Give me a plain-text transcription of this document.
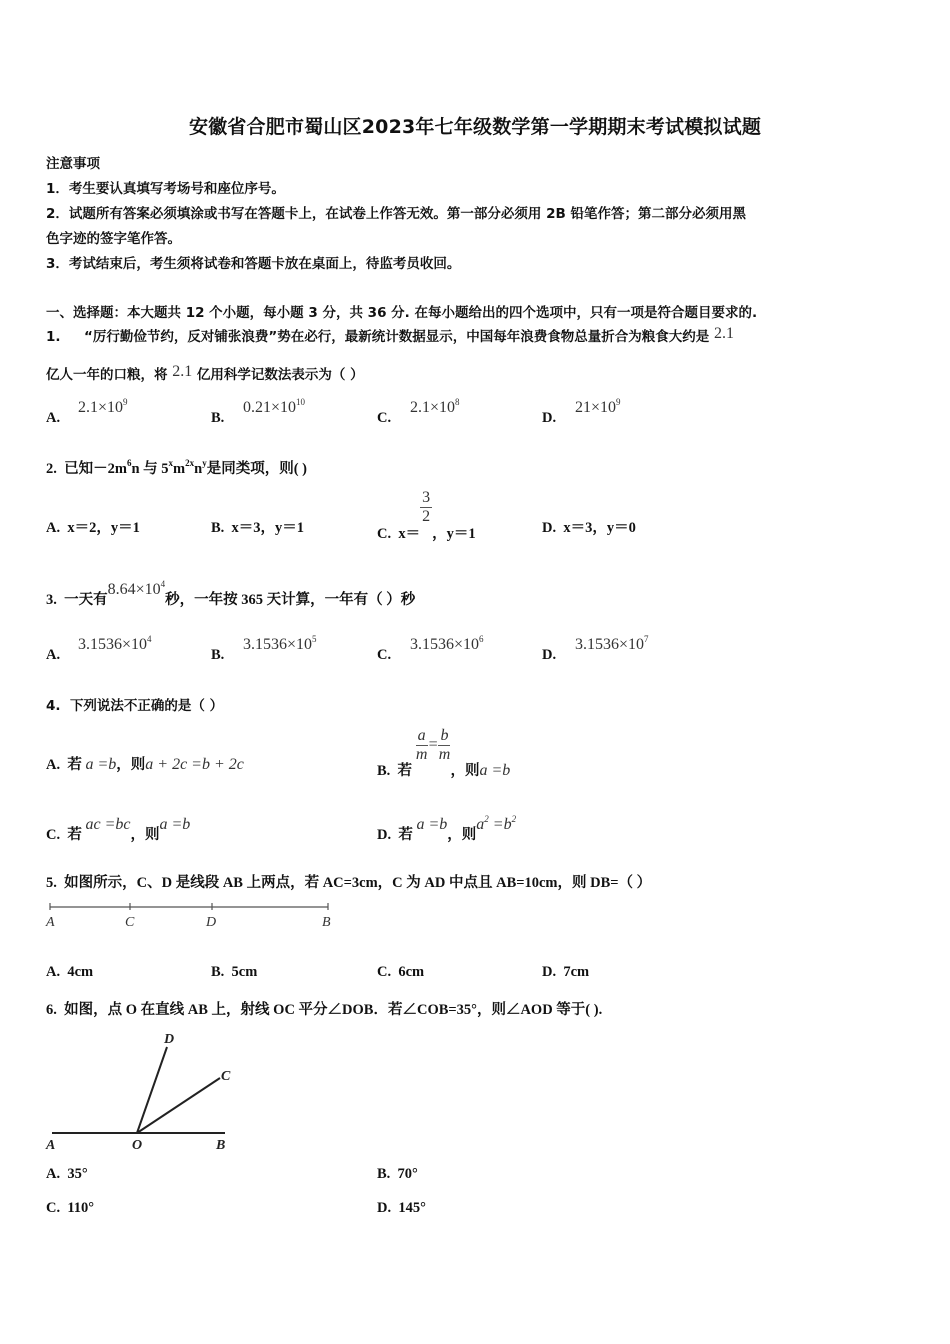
安徽省合肥市蜀山区2023年七年级数学第一学期期末考试模拟试题
注意事项
1．考生要认真填写考场号和座位序号。
2．试题所有答案必须填涂或书写在答题卡上，在试卷上作答无效。第一部分必须用 2B 铅笔作答；第二部分必须用黑
色字迹的签字笔作答。
3．考试结束后，考生须将试卷和答题卡放在桌面上，待监考员收回。
一、选择题：本大题共 12 个小题，每小题 3 分，共 36 分. 在每小题给出的四个选项中，只有一项是符合题目要求的.
1. “厉行勤俭节约，反对铺张浪费”势在必行，最新统计数据显示，中国每年浪费食物总量折合为粮食大约是 2.1
亿人一年的口粮，将 2.1 亿用科学记数法表示为（ ）
A.
$2.1\times 10^9$
B.
$0.21\times 10^{10}$
C.
$2.1\times 10^8$
D.
$21\times 10^9$
2. 已知$-2m^6n$ 与 $5^xm^{2x}n^y$是同类项，则( )
A. x＝2，y＝1	B. x＝3，y＝1	C. x＝
$\frac{3}{2}$
，y＝1	D. x＝3，y＝0
3. 一天有$8.64\times 10^4$秒，一年按 365 天计算，一年有（ ）秒
A.
$3.1536\times 10^4$
B.
$3.1536\times 10^5$
C.
$3.1536\times 10^6$
D.
$3.1536\times 10^7$
4. 下列说法不正确的是（ ）
A. 若 a =b，则a + 2c =b + 2c	B. 若
$\frac{a}{m} = \frac{b}{m}$
，则a =b
C. 若 ac =bc，则a =b
D. 若 a =b，则$a^2 =b^2$
5. 如图所示，C、D 是线段 AB 上两点，若 AC=3cm，C 为 AD 中点且 AB=10cm，则 DB=（ ）
A	C	D	B
A. 4cm	B. 5cm	C. 6cm	D. 7cm
6. 如图，点 O 在直线 AB 上，射线 OC 平分∠DOB．若∠COB=35°，则∠AOD 等于( ).
A	O	B
C
D
A. 35°	B. 70°
C. 110°	D. 145°
